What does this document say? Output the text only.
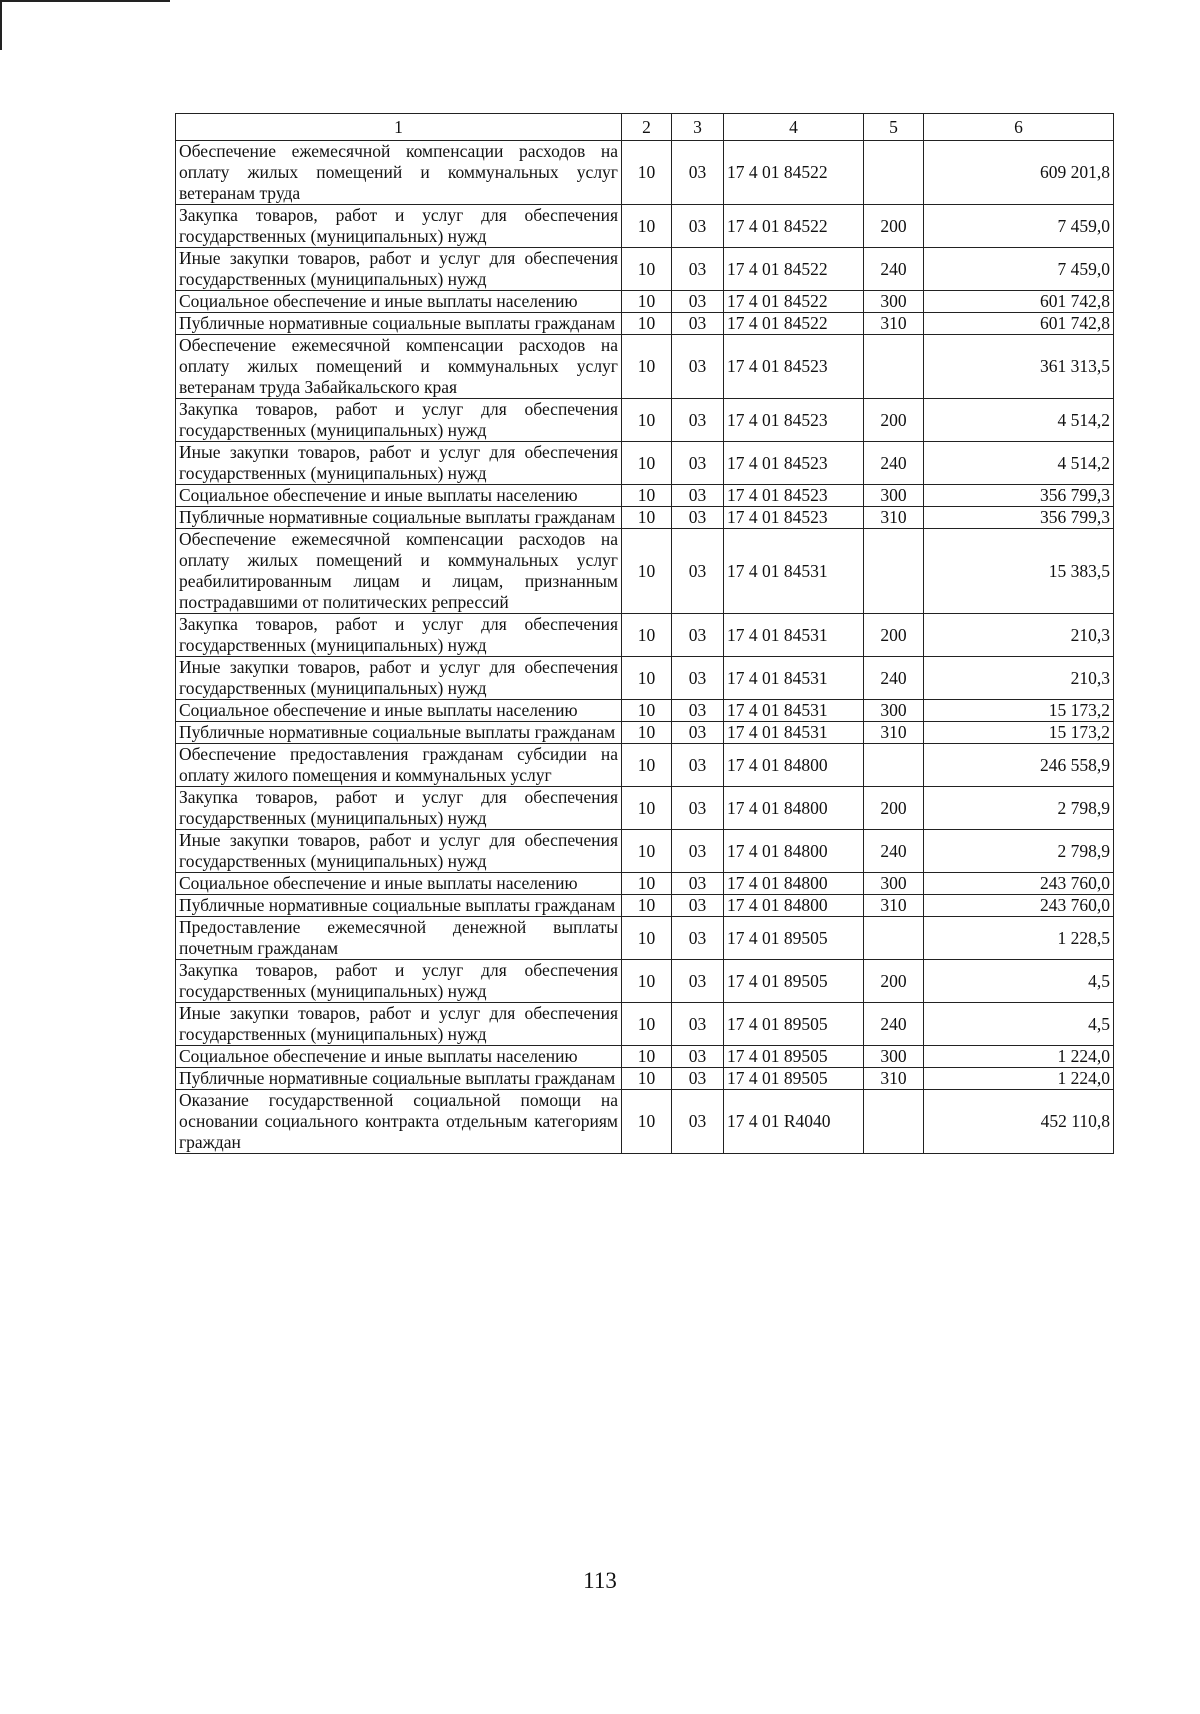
1	2	3	4	5	6
Обеспечение ежемесячной компенсации расходов на оплату жилых помещений и коммунальных услуг ветеранам труда	10	03	17 4 01 84522		609 201,8
Закупка товаров, работ и услуг для обеспечения государственных (муниципальных) нужд	10	03	17 4 01 84522	200	7 459,0
Иные закупки товаров, работ и услуг для обеспечения государственных (муниципальных) нужд	10	03	17 4 01 84522	240	7 459,0
Социальное обеспечение и иные выплаты населению	10	03	17 4 01 84522	300	601 742,8
Публичные нормативные социальные выплаты гражданам	10	03	17 4 01 84522	310	601 742,8
Обеспечение ежемесячной компенсации расходов на оплату жилых помещений и коммунальных услуг ветеранам труда Забайкальского края	10	03	17 4 01 84523		361 313,5
Закупка товаров, работ и услуг для обеспечения государственных (муниципальных) нужд	10	03	17 4 01 84523	200	4 514,2
Иные закупки товаров, работ и услуг для обеспечения государственных (муниципальных) нужд	10	03	17 4 01 84523	240	4 514,2
Социальное обеспечение и иные выплаты населению	10	03	17 4 01 84523	300	356 799,3
Публичные нормативные социальные выплаты гражданам	10	03	17 4 01 84523	310	356 799,3
Обеспечение ежемесячной компенсации расходов на оплату жилых помещений и коммунальных услуг реабилитированным лицам и лицам, признанным пострадавшими от политических репрессий	10	03	17 4 01 84531		15 383,5
Закупка товаров, работ и услуг для обеспечения государственных (муниципальных) нужд	10	03	17 4 01 84531	200	210,3
Иные закупки товаров, работ и услуг для обеспечения государственных (муниципальных) нужд	10	03	17 4 01 84531	240	210,3
Социальное обеспечение и иные выплаты населению	10	03	17 4 01 84531	300	15 173,2
Публичные нормативные социальные выплаты гражданам	10	03	17 4 01 84531	310	15 173,2
Обеспечение предоставления гражданам субсидии на оплату жилого помещения и коммунальных услуг	10	03	17 4 01 84800		246 558,9
Закупка товаров, работ и услуг для обеспечения государственных (муниципальных) нужд	10	03	17 4 01 84800	200	2 798,9
Иные закупки товаров, работ и услуг для обеспечения государственных (муниципальных) нужд	10	03	17 4 01 84800	240	2 798,9
Социальное обеспечение и иные выплаты населению	10	03	17 4 01 84800	300	243 760,0
Публичные нормативные социальные выплаты гражданам	10	03	17 4 01 84800	310	243 760,0
Предоставление ежемесячной денежной выплаты почетным гражданам	10	03	17 4 01 89505		1 228,5
Закупка товаров, работ и услуг для обеспечения государственных (муниципальных) нужд	10	03	17 4 01 89505	200	4,5
Иные закупки товаров, работ и услуг для обеспечения государственных (муниципальных) нужд	10	03	17 4 01 89505	240	4,5
Социальное обеспечение и иные выплаты населению	10	03	17 4 01 89505	300	1 224,0
Публичные нормативные социальные выплаты гражданам	10	03	17 4 01 89505	310	1 224,0
Оказание государственной социальной помощи на основании социального контракта отдельным категориям граждан	10	03	17 4 01 R4040		452 110,8
113
